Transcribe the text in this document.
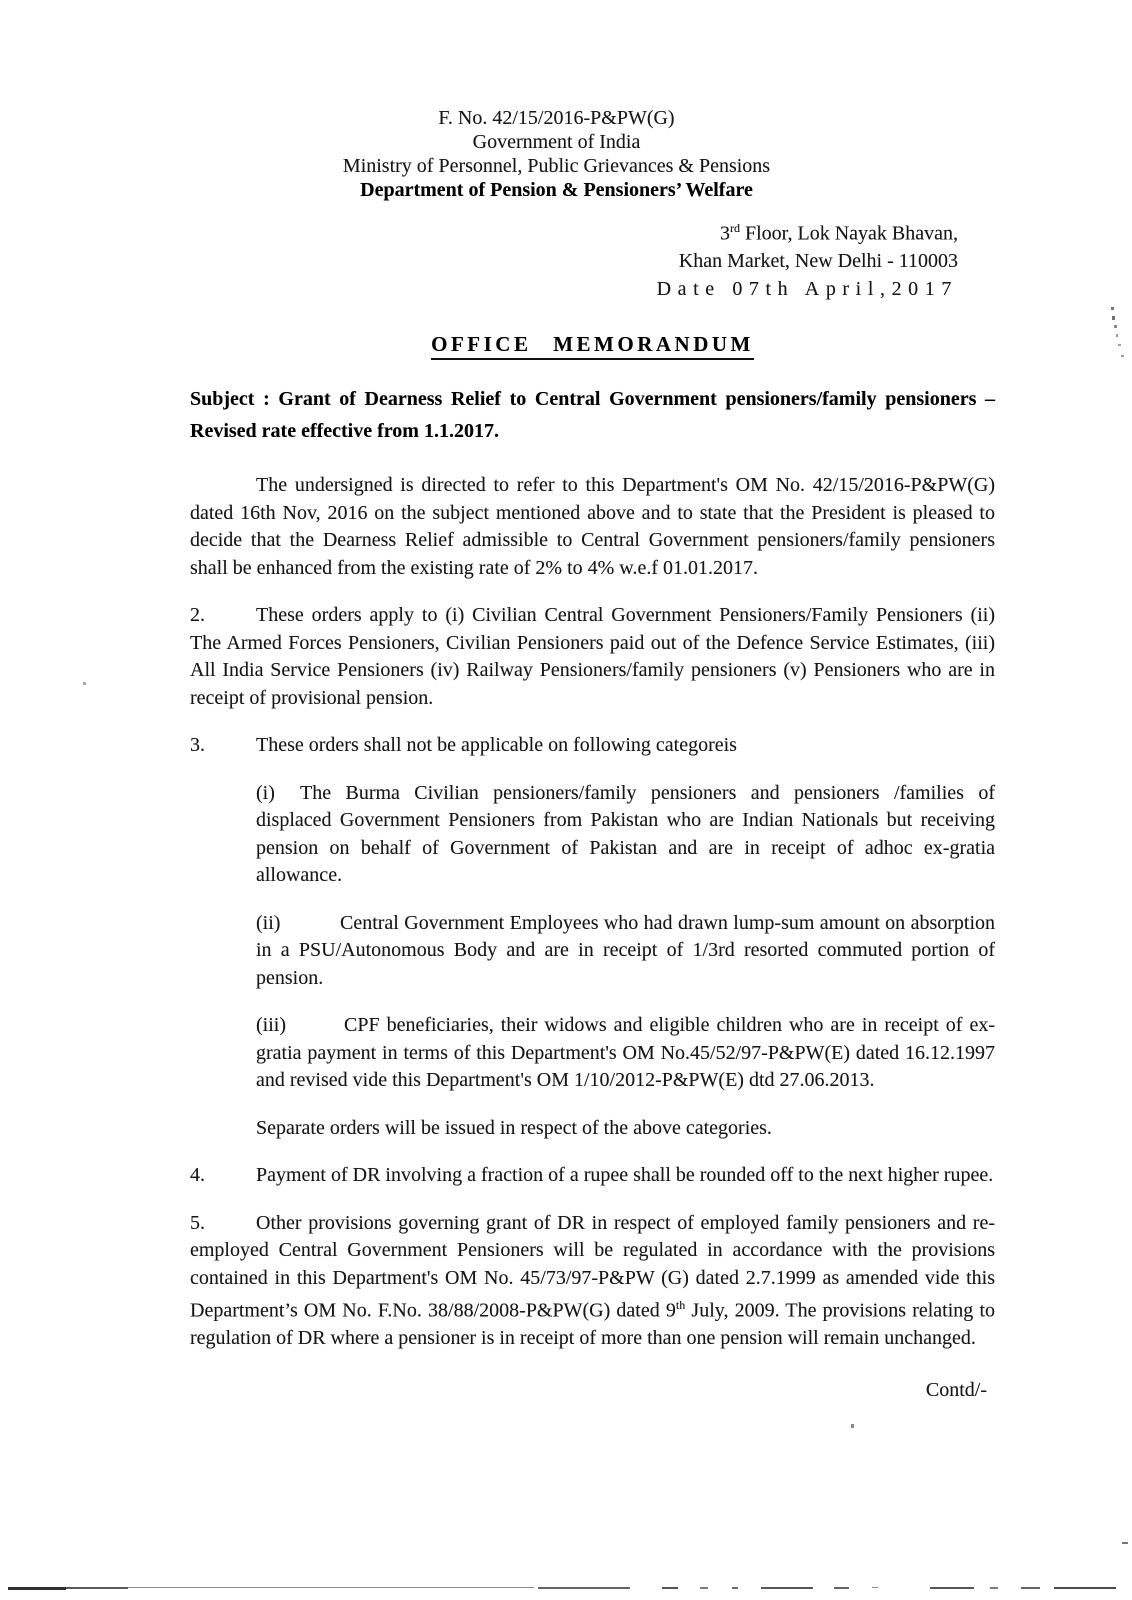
F. No. 42/15/2016-P&PW(G)
Government of India
Ministry of Personnel, Public Grievances & Pensions
Department of Pension & Pensioners’ Welfare
3rd Floor, Lok Nayak Bhavan,
Khan Market, New Delhi - 110003
Date 07th April,2017
OFFICE MEMORANDUM

Subject : Grant of Dearness Relief to Central Government pensioners/family pensioners – Revised rate effective from 1.1.2017.

The undersigned is directed to refer to this Department's OM No. 42/15/2016-P&PW(G) dated 16th Nov, 2016 on the subject mentioned above and to state that the President is pleased to decide that the Dearness Relief admissible to Central Government pensioners/family pensioners shall be enhanced from the existing rate of 2% to 4% w.e.f 01.01.2017.

2.	These orders apply to (i) Civilian Central Government Pensioners/Family Pensioners (ii) The Armed Forces Pensioners, Civilian Pensioners paid out of the Defence Service Estimates, (iii) All India Service Pensioners (iv) Railway Pensioners/family pensioners (v) Pensioners who are in receipt of provisional pension.

3.	These orders shall not be applicable on following categoreis

(i) The Burma Civilian pensioners/family pensioners and pensioners /families of displaced Government Pensioners from Pakistan who are Indian Nationals but receiving pension on behalf of Government of Pakistan and are in receipt of adhoc ex-gratia allowance.

(ii)	Central Government Employees who had drawn lump-sum amount on absorption in a PSU/Autonomous Body and are in receipt of 1/3rd resorted commuted portion of pension.

(iii)	CPF beneficiaries, their widows and eligible children who are in receipt of ex-gratia payment in terms of this Department's OM No.45/52/97-P&PW(E) dated 16.12.1997 and revised vide this Department's OM 1/10/2012-P&PW(E) dtd 27.06.2013.

Separate orders will be issued in respect of the above categories.

4.	Payment of DR involving a fraction of a rupee shall be rounded off to the next higher rupee.

5.	Other provisions governing grant of DR in respect of employed family pensioners and re-employed Central Government Pensioners will be regulated in accordance with the provisions contained in this Department's OM No. 45/73/97-P&PW (G) dated 2.7.1999 as amended vide this Department’s OM No. F.No. 38/88/2008-P&PW(G) dated 9th July, 2009. The provisions relating to regulation of DR where a pensioner is in receipt of more than one pension will remain unchanged.

Contd/-
